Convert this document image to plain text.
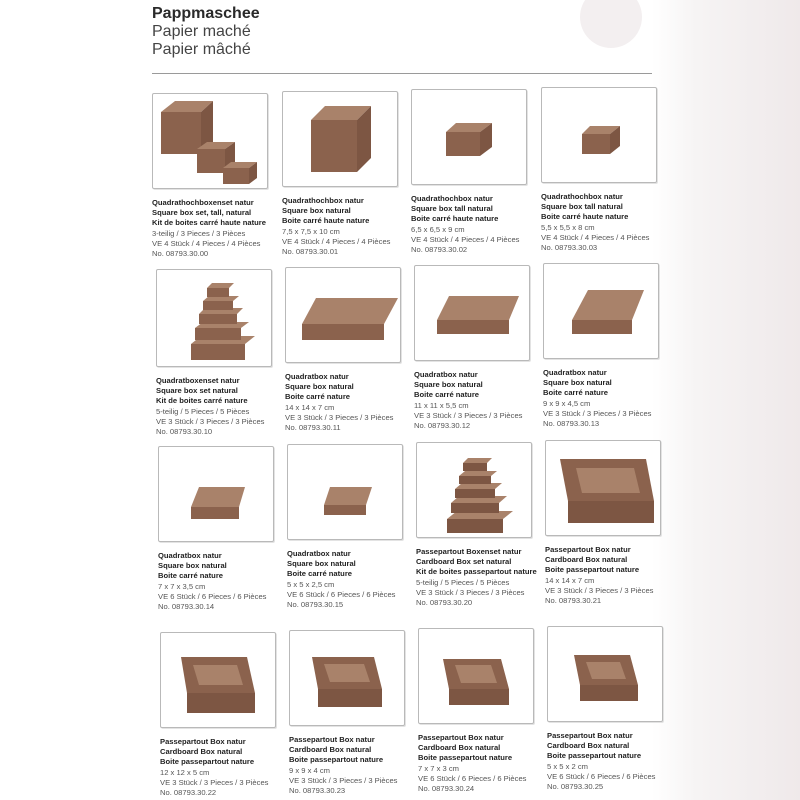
Pappmaschee
Papier maché
Papier mâché
Quadrathochboxenset natur
Square box set, tall, natural
Kit de boites carré haute nature
3-teilig / 3 Pieces / 3 Pièces
VE 4 Stück / 4 Pieces / 4 Pièces
No. 08793.30.00
Quadrathochbox natur
Square box natural
Boite carré haute nature
7,5 x 7,5 x 10 cm
VE 4 Stück / 4 Pieces / 4 Pièces
No. 08793.30.01
Quadrathochbox natur
Square box tall natural
Boite carré haute nature
6,5 x 6,5 x 9 cm
VE 4 Stück / 4 Pieces / 4 Pièces
No. 08793.30.02
Quadrathochbox natur
Square box tall natural
Boite carré haute nature
5,5 x 5,5 x 8 cm
VE 4 Stück / 4 Pieces / 4 Pièces
No. 08793.30.03
Quadratboxenset natur
Square box set natural
Kit de boites carré nature
5-teilig / 5 Pieces / 5 Pièces
VE 3 Stück / 3 Pieces / 3 Pièces
No. 08793.30.10
Quadratbox natur
Square box natural
Boite carré nature
14 x 14 x 7 cm
VE 3 Stück / 3 Pieces / 3 Pièces
No. 08793.30.11
Quadratbox natur
Square box natural
Boite carré nature
11 x 11 x 5,5 cm
VE 3 Stück / 3 Pieces / 3 Pièces
No. 08793.30.12
Quadratbox natur
Square box natural
Boite carré nature
9 x 9 x 4,5 cm
VE 3 Stück / 3 Pieces / 3 Pièces
No. 08793.30.13
Quadratbox natur
Square box natural
Boite carré nature
7 x 7 x 3,5 cm
VE 6 Stück / 6 Pieces / 6 Pièces
No. 08793.30.14
Quadratbox natur
Square box natural
Boite carré nature
5 x 5 x 2,5 cm
VE 6 Stück / 6 Pieces / 6 Pièces
No. 08793.30.15
Passepartout Boxenset natur
Cardboard Box set natural
Kit de boites passepartout nature
5-teilig / 5 Pieces / 5 Pièces
VE 3 Stück / 3 Pieces / 3 Pièces
No. 08793.30.20
Passepartout Box natur
Cardboard Box natural
Boite passepartout nature
14 x 14 x 7 cm
VE 3 Stück / 3 Pieces / 3 Pièces
No. 08793.30.21
Passepartout Box natur
Cardboard Box natural
Boite passepartout nature
12 x 12 x 5 cm
VE 3 Stück / 3 Pieces / 3 Pièces
No. 08793.30.22
Passepartout Box natur
Cardboard Box natural
Boite passepartout nature
9 x 9 x 4 cm
VE 3 Stück / 3 Pieces / 3 Pièces
No. 08793.30.23
Passepartout Box natur
Cardboard Box natural
Boite passepartout nature
7 x 7 x 3 cm
VE 6 Stück / 6 Pieces / 6 Pièces
No. 08793.30.24
Passepartout Box natur
Cardboard Box natural
Boite passepartout nature
5 x 5 x 2 cm
VE 6 Stück / 6 Pieces / 6 Pièces
No. 08793.30.25
